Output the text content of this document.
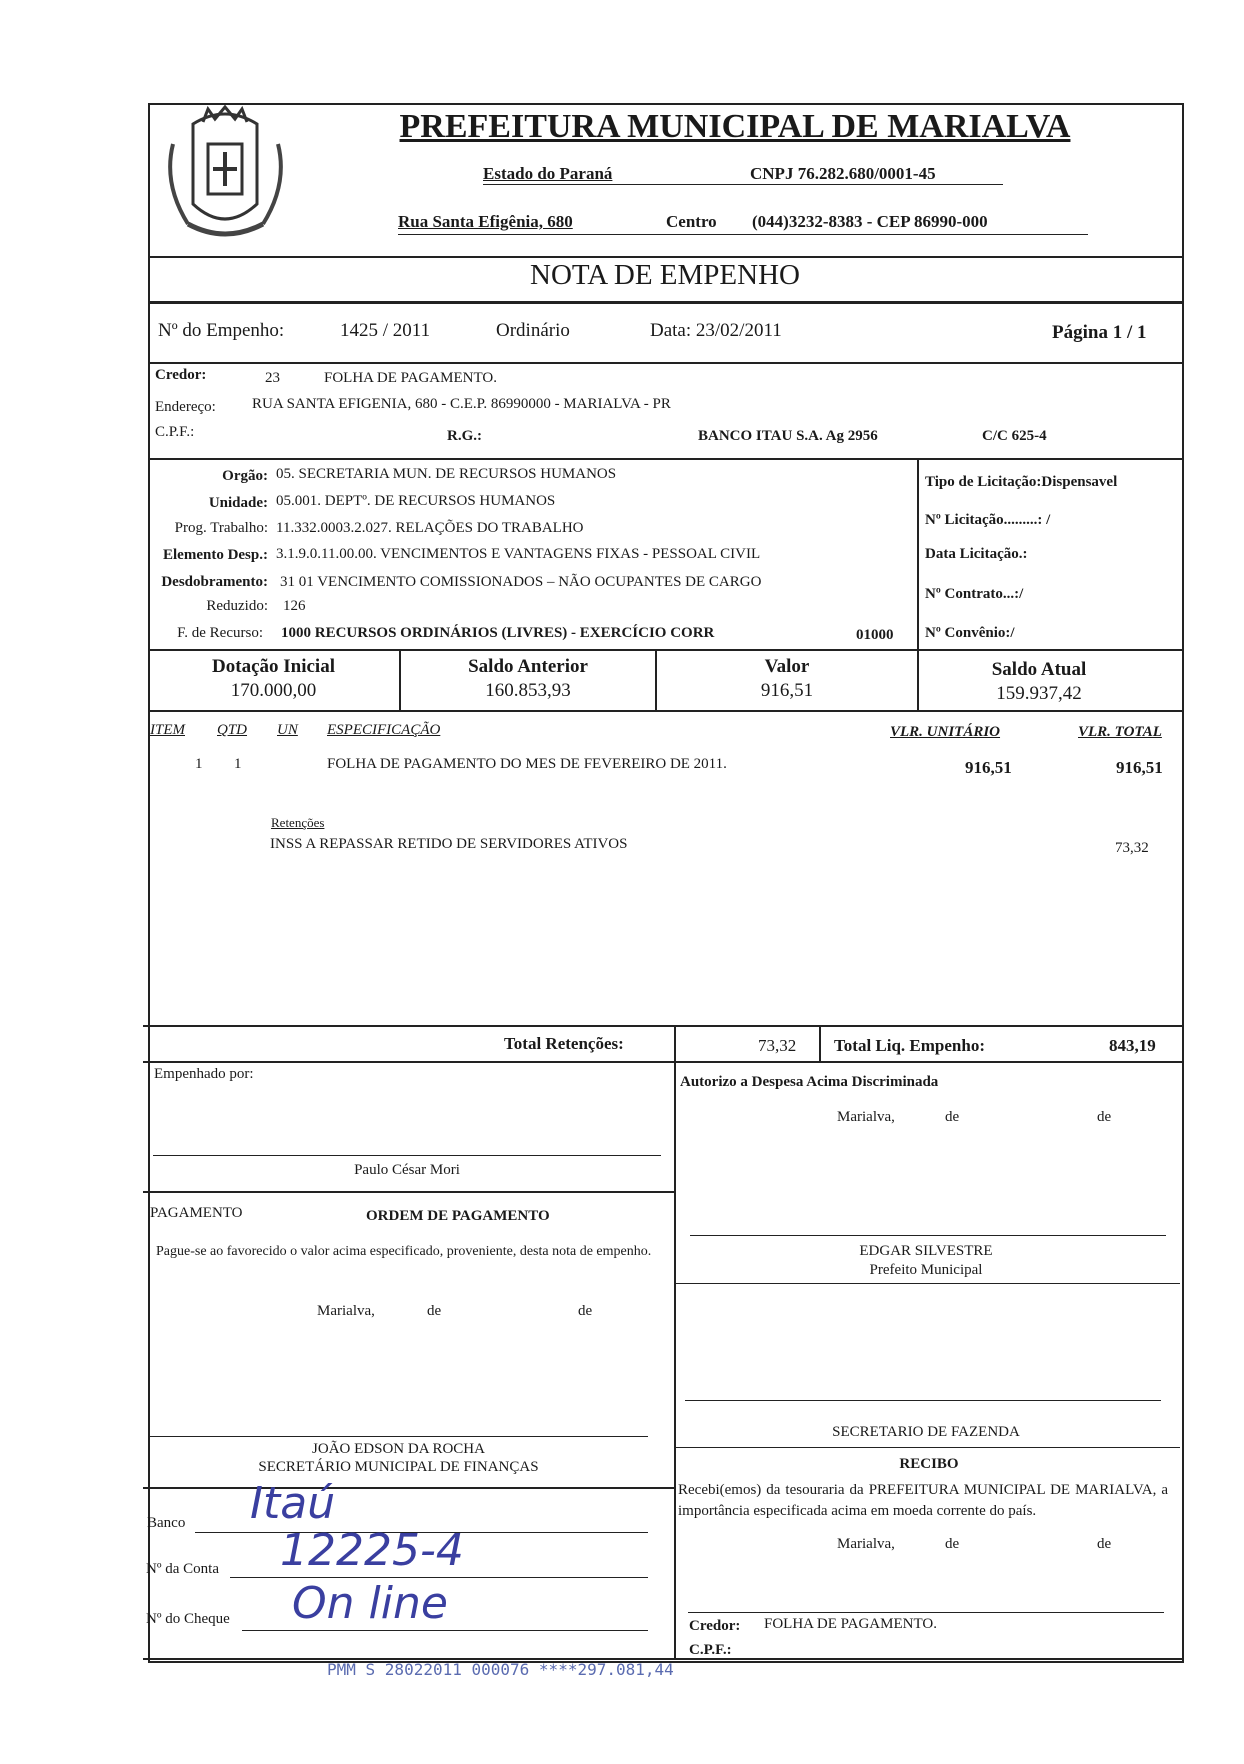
PREFEITURA MUNICIPAL DE MARIALVA
Estado do Paraná	CNPJ 76.282.680/0001-45
Rua Santa Efigênia, 680	Centro (044)3232-8383 - CEP 86990-000
NOTA DE EMPENHO
Nº do Empenho:	1425 / 2011	Ordinário	Data: 23/02/2011	Página 1 / 1
Credor:	23	FOLHA DE PAGAMENTO.
Endereço: RUA SANTA EFIGENIA, 680 - C.E.P. 86990000 - MARIALVA - PR
C.P.F.:	R.G.:	BANCO ITAU S.A. Ag 2956	C/C 625-4
Orgão: 05. SECRETARIA MUN. DE RECURSOS HUMANOS
Unidade: 05.001. DEPTº. DE RECURSOS HUMANOS
Prog. Trabalho: 11.332.0003.2.027. RELAÇÕES DO TRABALHO
Elemento Desp.: 3.1.9.0.11.00.00. VENCIMENTOS E VANTAGENS FIXAS - PESSOAL CIVIL
Desdobramento: 31 01 VENCIMENTO COMISSIONADOS – NÃO OCUPANTES DE CARGO
Reduzido: 126
F. de Recurso: 1000 RECURSOS ORDINÁRIOS (LIVRES) - EXERCÍCIO CORR	01000
Tipo de Licitação:Dispensavel
Nº Licitação.........: /
Data Licitação.:
Nº Contrato...:/
Nº Convênio:/
Dotação Inicial
170.000,00
Saldo Anterior
160.853,93
Valor
916,51
Saldo Atual
159.937,42
ITEM QTD UN ESPECIFICAÇÃO	VLR. UNITÁRIO	VLR. TOTAL
1 1	FOLHA DE PAGAMENTO DO MES DE FEVEREIRO DE 2011.	916,51	916,51
Retenções
INSS A REPASSAR RETIDO DE SERVIDORES ATIVOS	73,32
Total Retenções:	73,32 Total Liq. Empenho:	843,19
Empenhado por:
Paulo César Mori
Autorizo a Despesa Acima Discriminada
Marialva,	de	de
EDGAR SILVESTRE
Prefeito Municipal
SECRETARIO DE FAZENDA
PAGAMENTO	ORDEM DE PAGAMENTO
Pague-se ao favorecido o valor acima especificado, proveniente, desta nota de empenho.
Marialva,	de	de
JOÃO EDSON DA ROCHA
SECRETÁRIO MUNICIPAL DE FINANÇAS
Banco Itaú
Nº da Conta 12225-4
Nº do Cheque On line
RECIBO
Recebi(emos) da tesouraria da PREFEITURA MUNICIPAL DE MARIALVA, a importância especificada acima em moeda corrente do país.
Marialva,	de	de
Credor: FOLHA DE PAGAMENTO.
C.P.F.:
PMM S 28022011 000076 ****297.081,44
